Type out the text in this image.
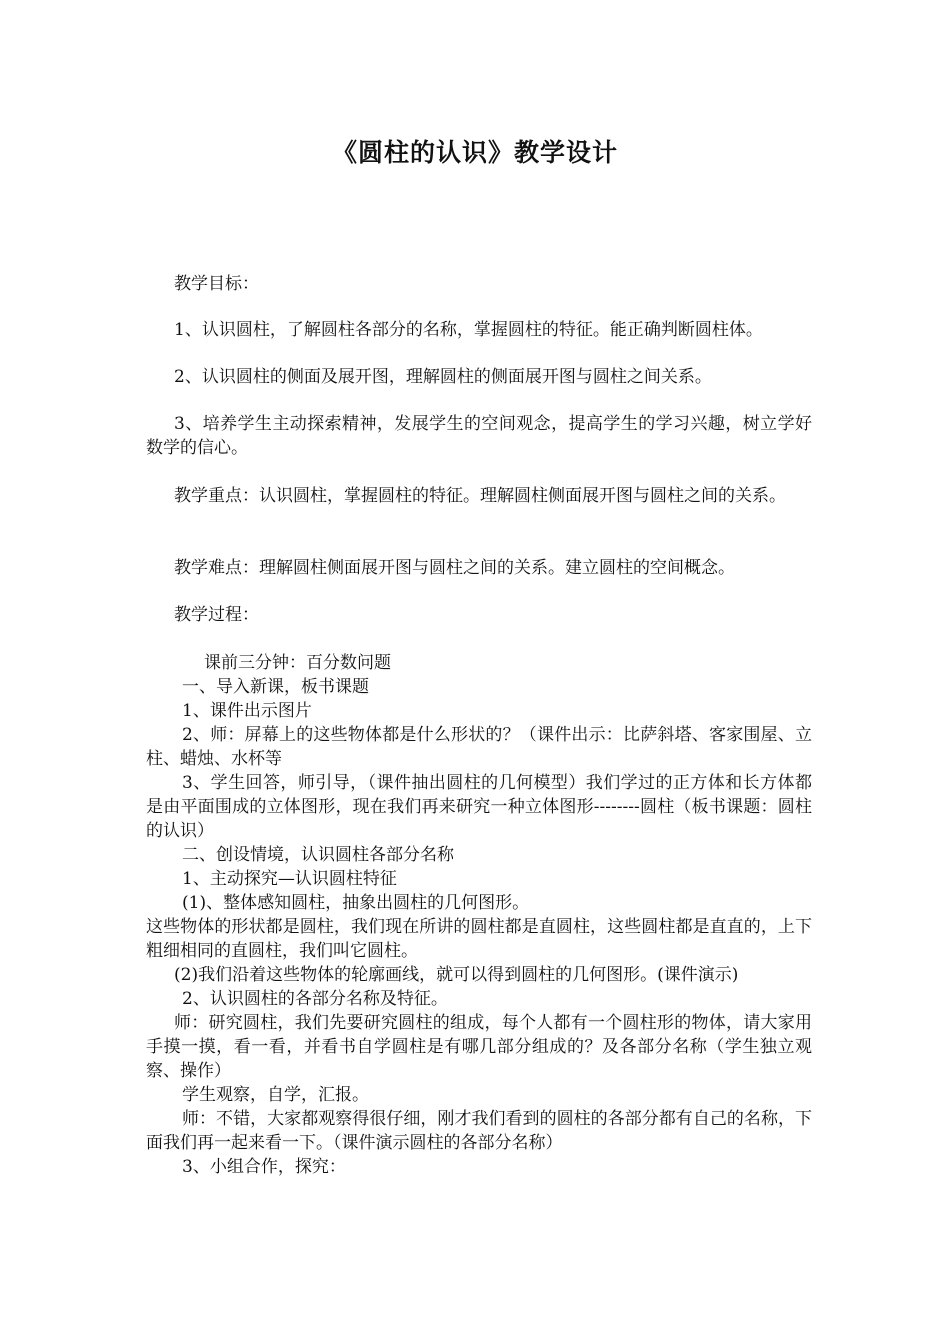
《圆柱的认识》教学设计
教学目标：
1、认识圆柱，了解圆柱各部分的名称，掌握圆柱的特征。能正确判断圆柱体。
2、认识圆柱的侧面及展开图，理解圆柱的侧面展开图与圆柱之间关系。
3、培养学生主动探索精神，发展学生的空间观念，提高学生的学习兴趣，树立学好数学的信心。
教学重点：认识圆柱，掌握圆柱的特征。理解圆柱侧面展开图与圆柱之间的关系。
教学难点：理解圆柱侧面展开图与圆柱之间的关系。建立圆柱的空间概念。
教学过程：
课前三分钟：百分数问题
一、导入新课，板书课题
1、课件出示图片
2、师：屏幕上的这些物体都是什么形状的？（课件出示：比萨斜塔、客家围屋、立柱、蜡烛、水杯等
3、学生回答，师引导，（课件抽出圆柱的几何模型）我们学过的正方体和长方体都是由平面围成的立体图形，现在我们再来研究一种立体图形--------圆柱（板书课题：圆柱的认识）
二、创设情境，认识圆柱各部分名称
1、主动探究—认识圆柱特征
(1)、整体感知圆柱，抽象出圆柱的几何图形。
这些物体的形状都是圆柱，我们现在所讲的圆柱都是直圆柱，这些圆柱都是直直的，上下粗细相同的直圆柱，我们叫它圆柱。
(2)我们沿着这些物体的轮廓画线，就可以得到圆柱的几何图形。(课件演示)
2、认识圆柱的各部分名称及特征。
师：研究圆柱，我们先要研究圆柱的组成，每个人都有一个圆柱形的物体，请大家用手摸一摸，看一看，并看书自学圆柱是有哪几部分组成的？及各部分名称（学生独立观察、操作）
学生观察，自学，汇报。
师：不错，大家都观察得很仔细，刚才我们看到的圆柱的各部分都有自己的名称，下面我们再一起来看一下。（课件演示圆柱的各部分名称）
3、小组合作，探究：
